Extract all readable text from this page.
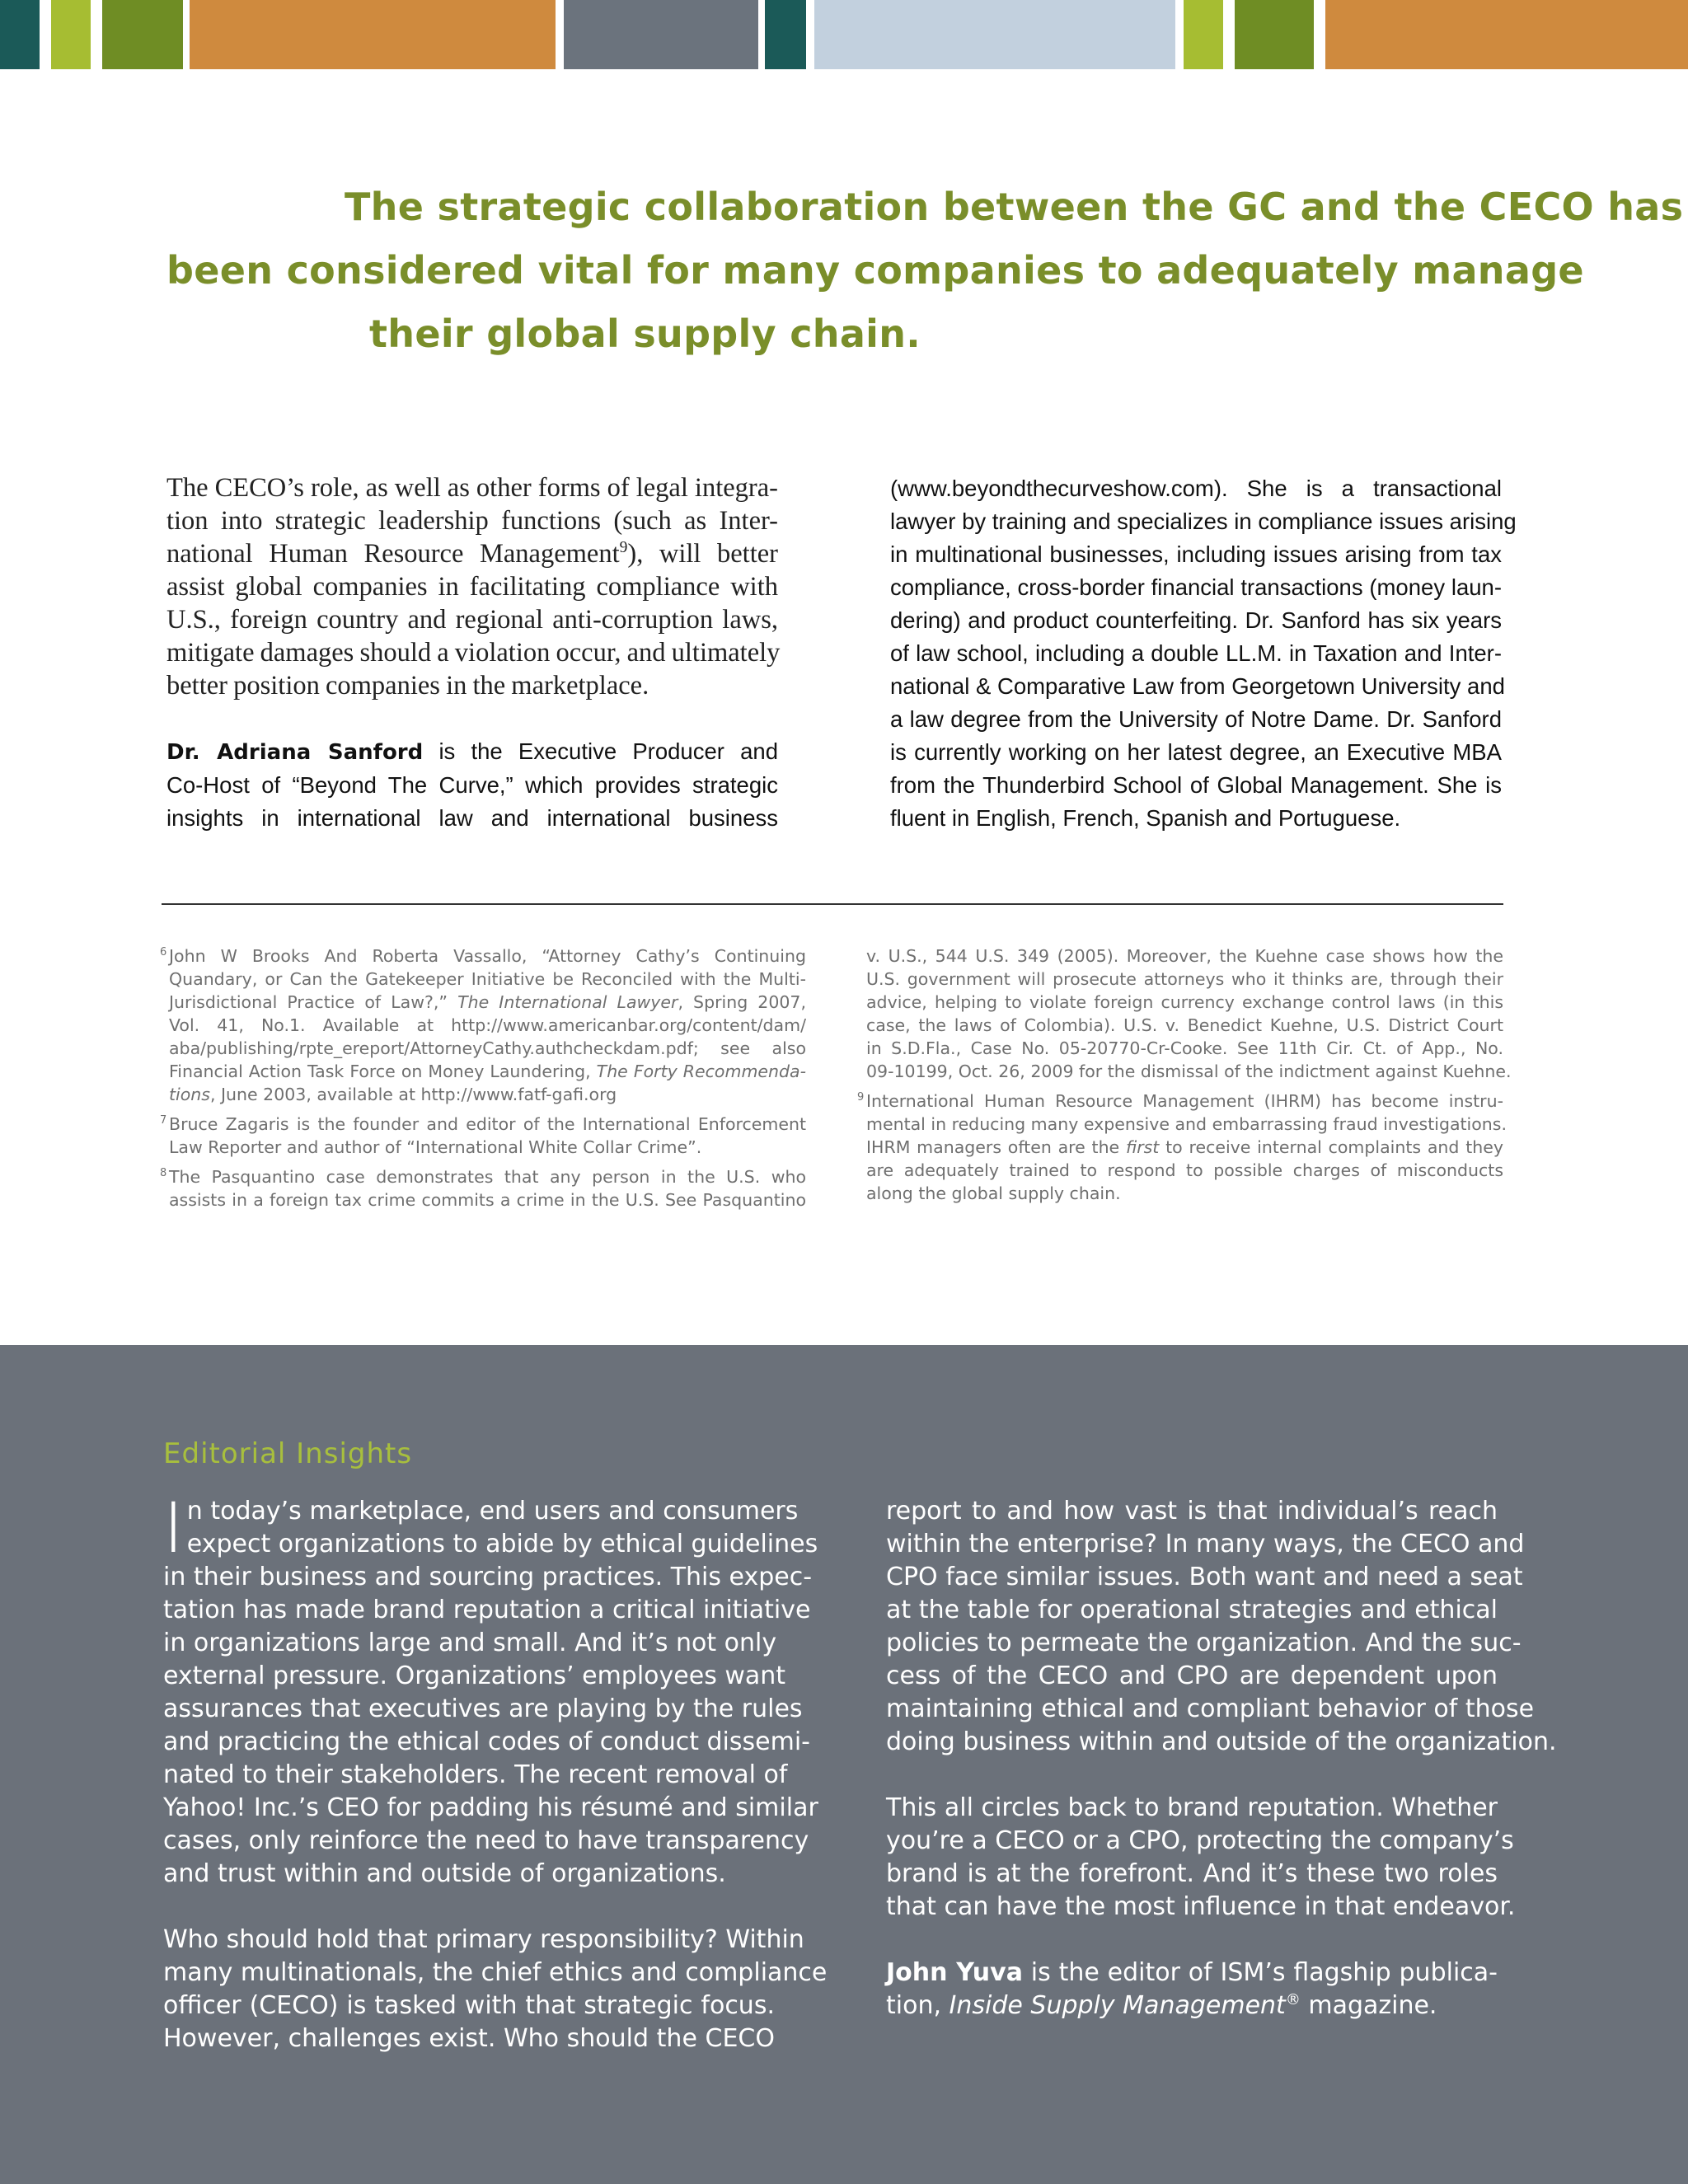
The strategic collaboration between the GC and the CECO has
been considered vital for many companies to adequately manage
their global supply chain.
The CECO’s role, as well as other forms of legal integra-
tion into strategic leadership functions (such as Inter-
national Human Resource Management$^9$), will better
assist global companies in facilitating compliance with
U.S., foreign country and regional anti-corruption laws,
mitigate damages should a violation occur, and ultimately
better position companies in the marketplace.
Dr. Adriana Sanford is the Executive Producer and
Co-Host of “Beyond The Curve,” which provides strategic
insights in international law and international business
(www.beyondthecurveshow.com). She is a transactional
lawyer by training and specializes in compliance issues arising
in multinational businesses, including issues arising from tax
compliance, cross-border financial transactions (money laun-
dering) and product counterfeiting. Dr. Sanford has six years
of law school, including a double LL.M. in Taxation and Inter-
national & Comparative Law from Georgetown University and
a law degree from the University of Notre Dame. Dr. Sanford
is currently working on her latest degree, an Executive MBA
from the Thunderbird School of Global Management. She is
fluent in English, French, Spanish and Portuguese.
6 John W Brooks And Roberta Vassallo, “Attorney Cathy’s Continuing
Quandary, or Can the Gatekeeper Initiative be Reconciled with the Multi-
Jurisdictional Practice of Law?,” The International Lawyer, Spring 2007,
Vol. 41, No.1. Available at http://www.americanbar.org/content/dam/
aba/publishing/rpte_ereport/AttorneyCathy.authcheckdam.pdf; see also
Financial Action Task Force on Money Laundering, The Forty Recommenda-
tions, June 2003, available at http://www.fatf-gafi.org
7 Bruce Zagaris is the founder and editor of the International Enforcement
Law Reporter and author of “International White Collar Crime”.
8 The Pasquantino case demonstrates that any person in the U.S. who
assists in a foreign tax crime commits a crime in the U.S. See Pasquantino
v. U.S., 544 U.S. 349 (2005). Moreover, the Kuehne case shows how the
U.S. government will prosecute attorneys who it thinks are, through their
advice, helping to violate foreign currency exchange control laws (in this
case, the laws of Colombia). U.S. v. Benedict Kuehne, U.S. District Court
in S.D.Fla., Case No. 05-20770-Cr-Cooke. See 11th Cir. Ct. of App., No.
09-10199, Oct. 26, 2009 for the dismissal of the indictment against Kuehne.
9 International Human Resource Management (IHRM) has become instru-
mental in reducing many expensive and embarrassing fraud investigations.
IHRM managers often are the first to receive internal complaints and they
are adequately trained to respond to possible charges of misconducts
along the global supply chain.
Editorial Insights
I n today’s marketplace, end users and consumers
expect organizations to abide by ethical guidelines
in their business and sourcing practices. This expec-
tation has made brand reputation a critical initiative
in organizations large and small. And it’s not only
external pressure. Organizations’ employees want
assurances that executives are playing by the rules
and practicing the ethical codes of conduct dissemi-
nated to their stakeholders. The recent removal of
Yahoo! Inc.’s CEO for padding his résumé and similar
cases, only reinforce the need to have transparency
and trust within and outside of organizations.
Who should hold that primary responsibility? Within
many multinationals, the chief ethics and compliance
officer (CECO) is tasked with that strategic focus.
However, challenges exist. Who should the CECO
report to and how vast is that individual’s reach
within the enterprise? In many ways, the CECO and
CPO face similar issues. Both want and need a seat
at the table for operational strategies and ethical
policies to permeate the organization. And the suc-
cess of the CECO and CPO are dependent upon
maintaining ethical and compliant behavior of those
doing business within and outside of the organization.
This all circles back to brand reputation. Whether
you’re a CECO or a CPO, protecting the company’s
brand is at the forefront. And it’s these two roles
that can have the most influence in that endeavor.
John Yuva is the editor of ISM’s flagship publica-
tion, Inside Supply Management® magazine.
